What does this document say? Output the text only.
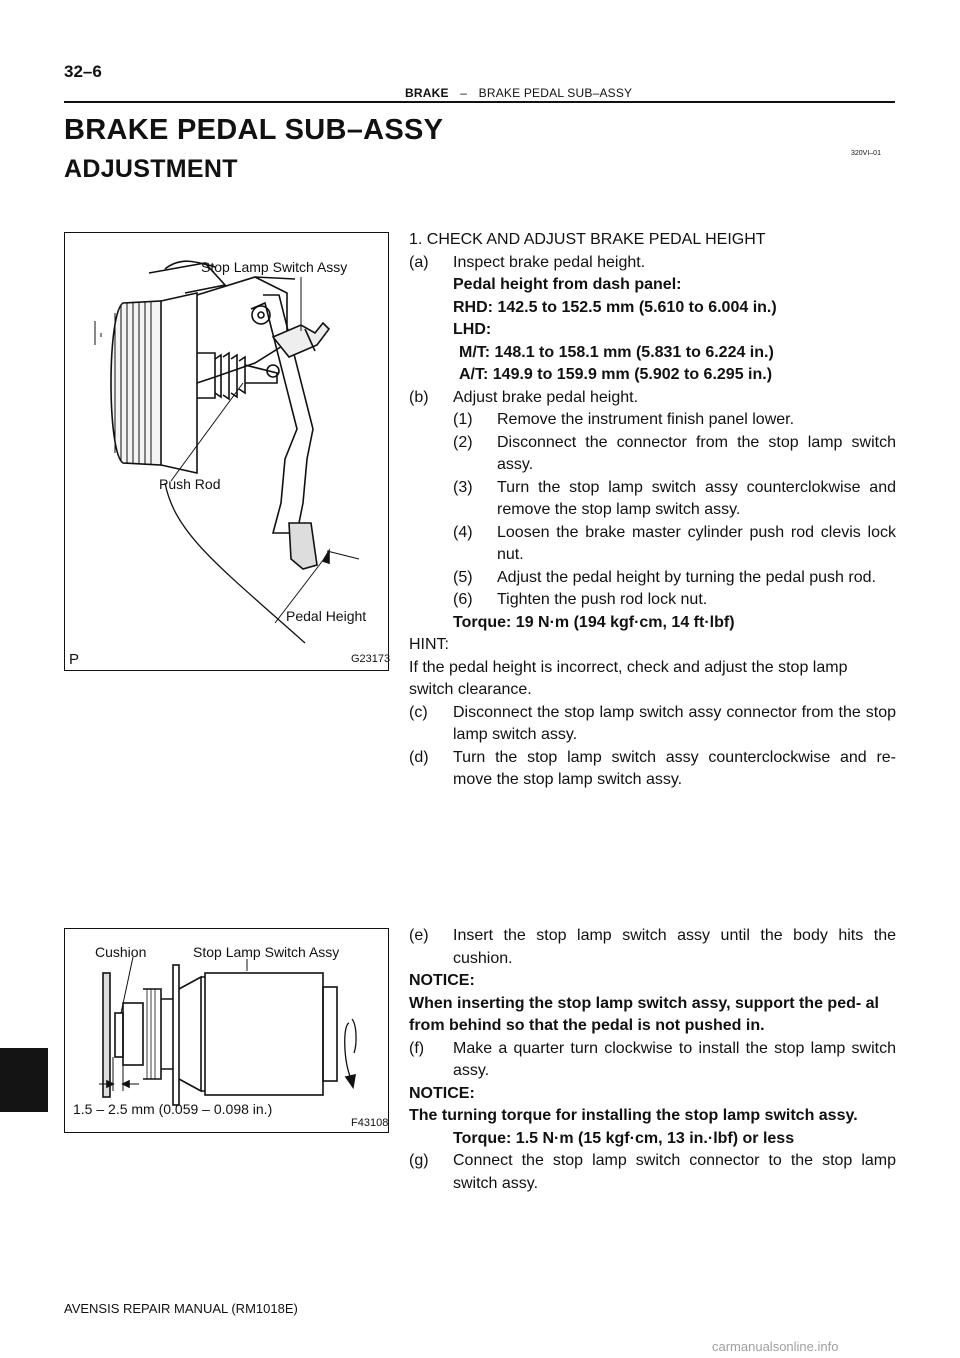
32–6
BRAKE – BRAKE PEDAL SUB–ASSY
BRAKE PEDAL SUB–ASSY
ADJUSTMENT
320VI–01
Stop Lamp Switch Assy
Push Rod
Pedal Height
P	G23173
Cushion	Stop Lamp Switch Assy
1.5 – 2.5 mm (0.059 – 0.098 in.)
F43108
1. CHECK AND ADJUST BRAKE PEDAL HEIGHT
(a)	Inspect brake pedal height.
Pedal height from dash panel:
RHD: 142.5 to 152.5 mm (5.610 to 6.004 in.)
LHD:
M/T: 148.1 to 158.1 mm (5.831 to 6.224 in.)
A/T: 149.9 to 159.9 mm (5.902 to 6.295 in.)
(b)	Adjust brake pedal height.
(1)	Remove the instrument finish panel lower.
(2)	Disconnect the connector from the stop lamp switch assy.
(3)	Turn the stop lamp switch assy counterclokwise and remove the stop lamp switch assy.
(4)	Loosen the brake master cylinder push rod clevis lock nut.
(5)	Adjust the pedal height by turning the pedal push rod.
(6)	Tighten the push rod lock nut.
Torque: 19 N·m (194 kgf·cm, 14 ft·lbf)
HINT:
If the pedal height is incorrect, check and adjust the stop lamp switch clearance.
(c)	Disconnect the stop lamp switch assy connector from the stop lamp switch assy.
(d)	Turn the stop lamp switch assy counterclockwise and re- move the stop lamp switch assy.
(e)	Insert the stop lamp switch assy until the body hits the cushion.
NOTICE:
When inserting the stop lamp switch assy, support the ped- al from behind so that the pedal is not pushed in.
(f)	Make a quarter turn clockwise to install the stop lamp switch assy.
NOTICE:
The turning torque for installing the stop lamp switch assy.
Torque: 1.5 N·m (15 kgf·cm, 13 in.·lbf) or less
(g)	Connect the stop lamp switch connector to the stop lamp switch assy.
AVENSIS REPAIR MANUAL (RM1018E)
carmanualsonline.info
